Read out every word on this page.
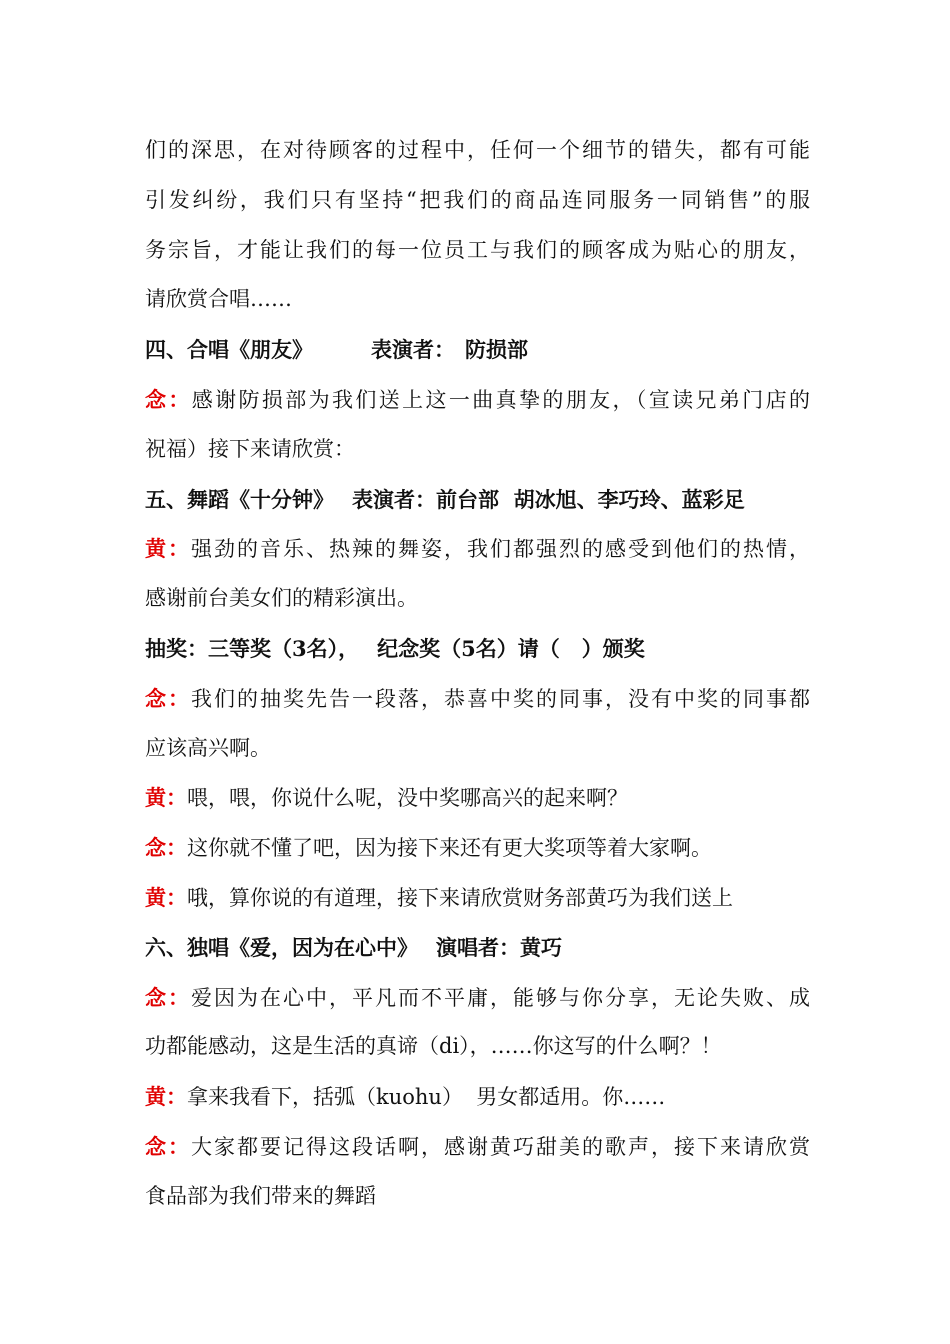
们的深思，在对待顾客的过程中，任何一个细节的错失，都有可能
引发纠纷，我们只有坚持“把我们的商品连同服务一同销售”的服
务宗旨，才能让我们的每一位员工与我们的顾客成为贴心的朋友，
请欣赏合唱……
四、合唱《朋友》	表演者： 防损部
念：感谢防损部为我们送上这一曲真挚的朋友，（宣读兄弟门店的
祝福）接下来请欣赏：
五、舞蹈《十分钟》 表演者：前台部  胡冰旭、李巧玲、蓝彩足
黄：强劲的音乐、热辣的舞姿，我们都强烈的感受到他们的热情，
感谢前台美女们的精彩演出。
抽奖：三等奖（3名）， 纪念奖（5名）请（ ）颁奖
念：我们的抽奖先告一段落，恭喜中奖的同事，没有中奖的同事都
应该高兴啊。
黄：喂，喂，你说什么呢，没中奖哪高兴的起来啊？
念：这你就不懂了吧，因为接下来还有更大奖项等着大家啊。
黄：哦，算你说的有道理，接下来请欣赏财务部黄巧为我们送上
六、独唱《爱，因为在心中》 演唱者：黄巧
念：爱因为在心中，平凡而不平庸，能够与你分享，无论失败、成
功都能感动，这是生活的真谛（di），……你这写的什么啊？！
黄：拿来我看下，括弧（kuohu）  男女都适用。你……
念：大家都要记得这段话啊，感谢黄巧甜美的歌声，接下来请欣赏
食品部为我们带来的舞蹈
